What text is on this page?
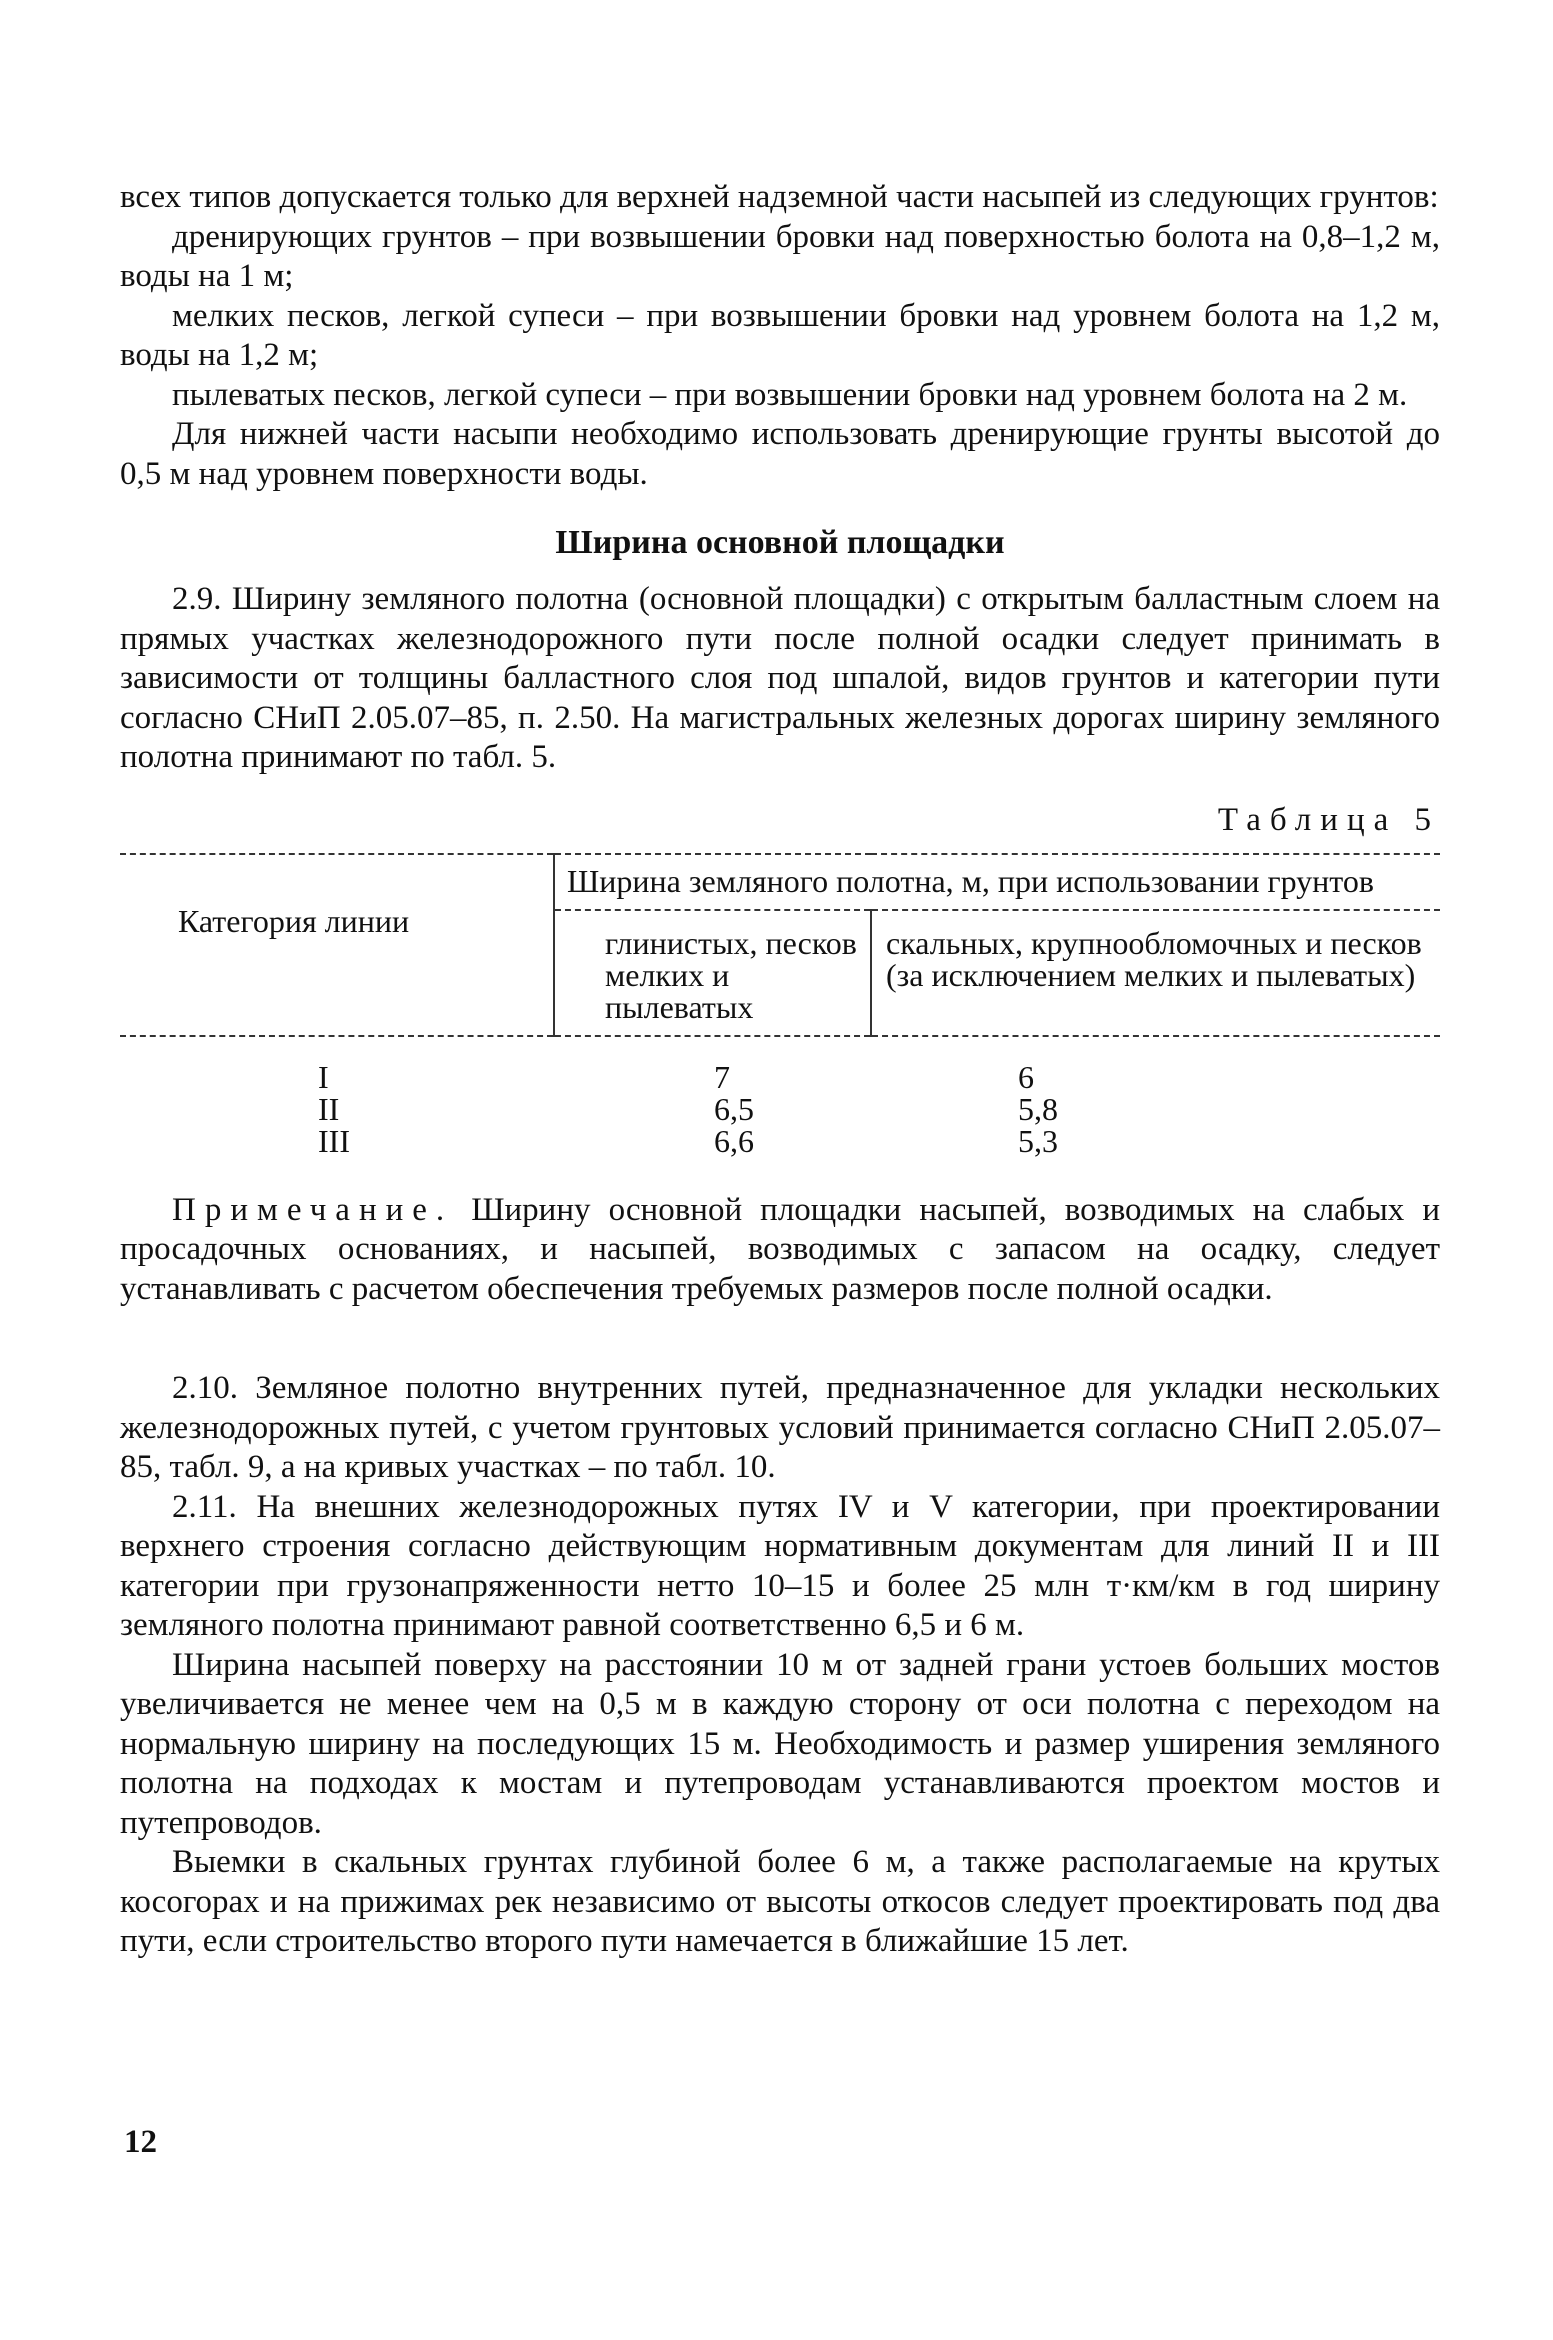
всех типов допускается только для верхней надземной части насыпей из следующих грунтов:

дренирующих грунтов – при возвышении бровки над поверхностью болота на 0,8–1,2 м, воды на 1 м;

мелких песков, легкой супеси – при возвышении бровки над уровнем болота на 1,2 м, воды на 1,2 м;

пылеватых песков, легкой супеси – при возвышении бровки над уровнем болота на 2 м.

Для нижней части насыпи необходимо использовать дренирующие грунты высотой до 0,5 м над уровнем поверхности воды.

Ширина основной площадки

2.9. Ширину земляного полотна (основной площадки) с открытым балластным слоем на прямых участках железнодорожного пути после полной осадки следует принимать в зависимости от толщины балластного слоя под шпалой, видов грунтов и категории пути согласно СНиП 2.05.07–85, п. 2.50. На магистральных железных дорогах ширину земляного полотна принимают по табл. 5.

Таблица 5
Категория линии	Ширина земляного полотна, м, при использовании грунтов	
	глинистых, песков мелких и пылеватых	скальных, крупнообломочных и песков (за исключением мелких и пылеватых)
I	7	6
II	6,5	5,8
III	6,6	5,3

Примечание. Ширину основной площадки насыпей, возводимых на слабых и просадочных основаниях, и насыпей, возводимых с запасом на осадку, следует устанавливать с расчетом обеспечения требуемых размеров после полной осадки.

2.10. Земляное полотно внутренних путей, предназначенное для укладки нескольких железнодорожных путей, с учетом грунтовых условий принимается согласно СНиП 2.05.07–85, табл. 9, а на кривых участках – по табл. 10.

2.11. На внешних железнодорожных путях IV и V категории, при проектировании верхнего строения согласно действующим нормативным документам для линий II и III категории при грузонапряженности нетто 10–15 и более 25 млн т·км/км в год ширину земляного полотна принимают равной соответственно 6,5 и 6 м.

Ширина насыпей поверху на расстоянии 10 м от задней грани устоев больших мостов увеличивается не менее чем на 0,5 м в каждую сторону от оси полотна с переходом на нормальную ширину на последующих 15 м. Необходимость и размер уширения земляного полотна на подходах к мостам и путепроводам устанавливаются проектом мостов и путепроводов.

Выемки в скальных грунтах глубиной более 6 м, а также располагаемые на крутых косогорах и на прижимах рек независимо от высоты откосов следует проектировать под два пути, если строительство второго пути намечается в ближайшие 15 лет.

12
